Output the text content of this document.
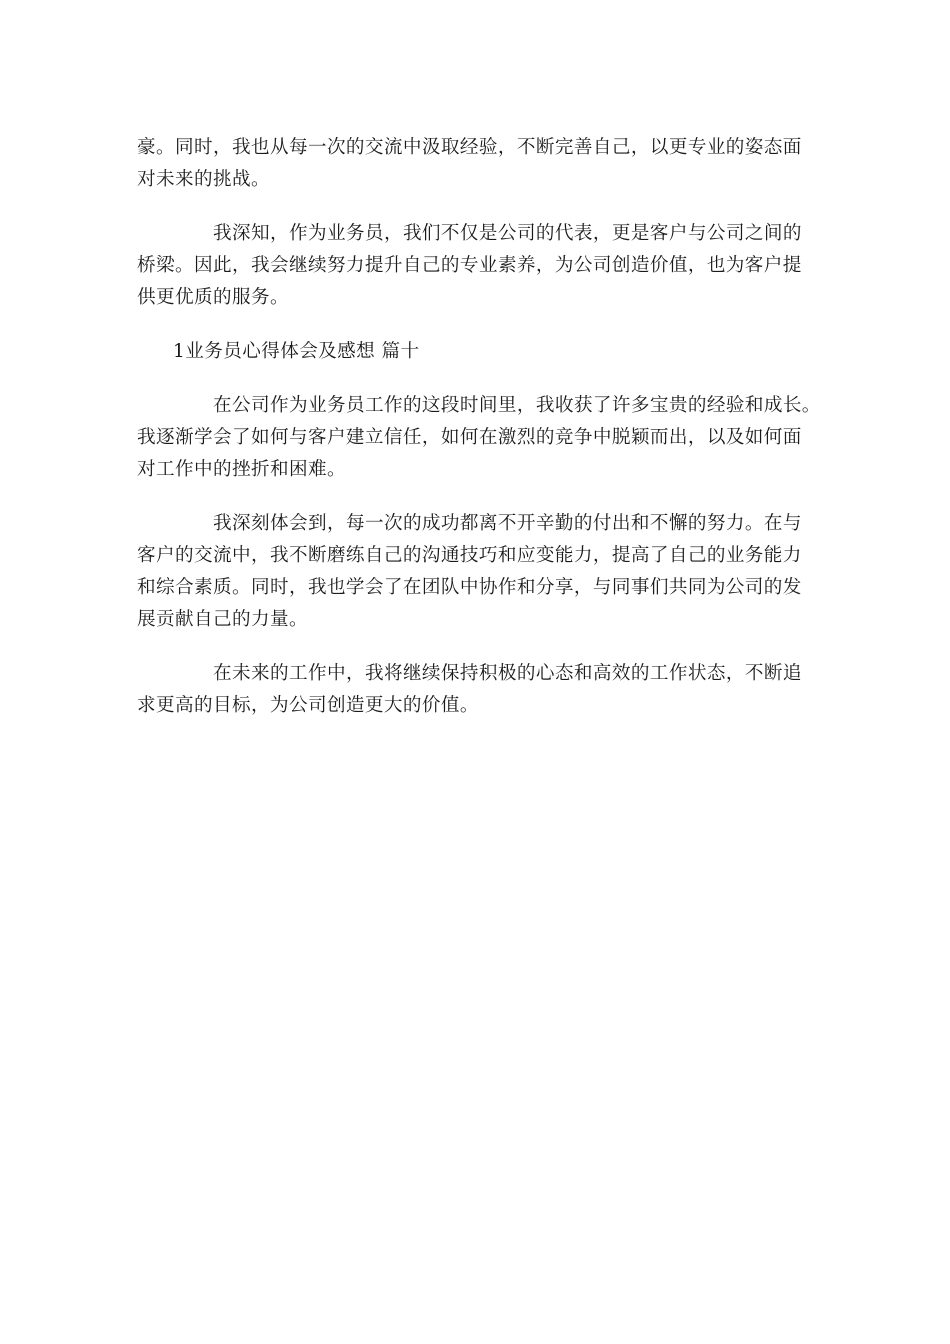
豪。同时，我也从每一次的交流中汲取经验，不断完善自己，以更专业的姿态面
对未来的挑战。
我深知，作为业务员，我们不仅是公司的代表，更是客户与公司之间的
桥梁。因此，我会继续努力提升自己的专业素养，为公司创造价值，也为客户提
供更优质的服务。
1业务员心得体会及感想 篇十
在公司作为业务员工作的这段时间里，我收获了许多宝贵的经验和成长。
我逐渐学会了如何与客户建立信任，如何在激烈的竞争中脱颖而出，以及如何面
对工作中的挫折和困难。
我深刻体会到，每一次的成功都离不开辛勤的付出和不懈的努力。在与
客户的交流中，我不断磨练自己的沟通技巧和应变能力，提高了自己的业务能力
和综合素质。同时，我也学会了在团队中协作和分享，与同事们共同为公司的发
展贡献自己的力量。
在未来的工作中，我将继续保持积极的心态和高效的工作状态，不断追
求更高的目标，为公司创造更大的价值。
